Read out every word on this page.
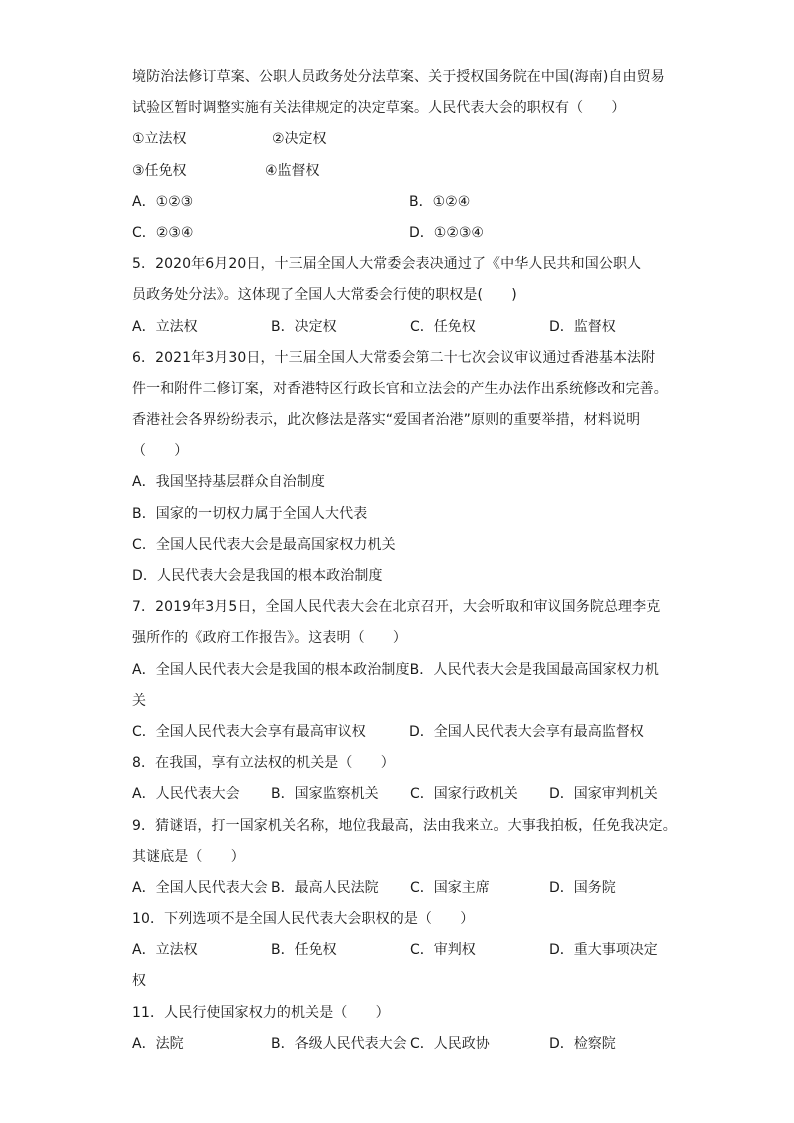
境防治法修订草案、公职人员政务处分法草案、关于授权国务院在中国(海南)自由贸易
试验区暂时调整实施有关法律规定的决定草案。人民代表大会的职权有（　　）
①立法权	②决定权
③任免权	④监督权
A．①②③	B．①②④
C．②③④	D．①②③④
5．2020年6月20日，十三届全国人大常委会表决通过了《中华人民共和国公职人
员政务处分法》。这体现了全国人大常委会行使的职权是(　　)
A．立法权	B．决定权	C．任免权	D．监督权
6．2021年3月30日，十三届全国人大常委会第二十七次会议审议通过香港基本法附
件一和附件二修订案，对香港特区行政长官和立法会的产生办法作出系统修改和完善。
香港社会各界纷纷表示，此次修法是落实“爱国者治港”原则的重要举措，材料说明
（　　）
A．我国坚持基层群众自治制度
B．国家的一切权力属于全国人大代表
C．全国人民代表大会是最高国家权力机关
D．人民代表大会是我国的根本政治制度
7．2019年3月5日，全国人民代表大会在北京召开，大会听取和审议国务院总理李克
强所作的《政府工作报告》。这表明（　　）
A．全国人民代表大会是我国的根本政治制度B．人民代表大会是我国最高国家权力机
关
C．全国人民代表大会享有最高审议权	D．全国人民代表大会享有最高监督权
8．在我国，享有立法权的机关是（　　）
A．人民代表大会	B．国家监察机关	C．国家行政机关	D．国家审判机关
9．猜谜语，打一国家机关名称，地位我最高，法由我来立。大事我拍板，任免我决定。
其谜底是（　　）
A．全国人民代表大会 B．最高人民法院	C．国家主席	D．国务院
10．下列选项不是全国人民代表大会职权的是（　　）
A．立法权	B．任免权	C．审判权	D．重大事项决定
权
11．人民行使国家权力的机关是（　　）
A．法院	B．各级人民代表大会 C．人民政协	D．检察院
